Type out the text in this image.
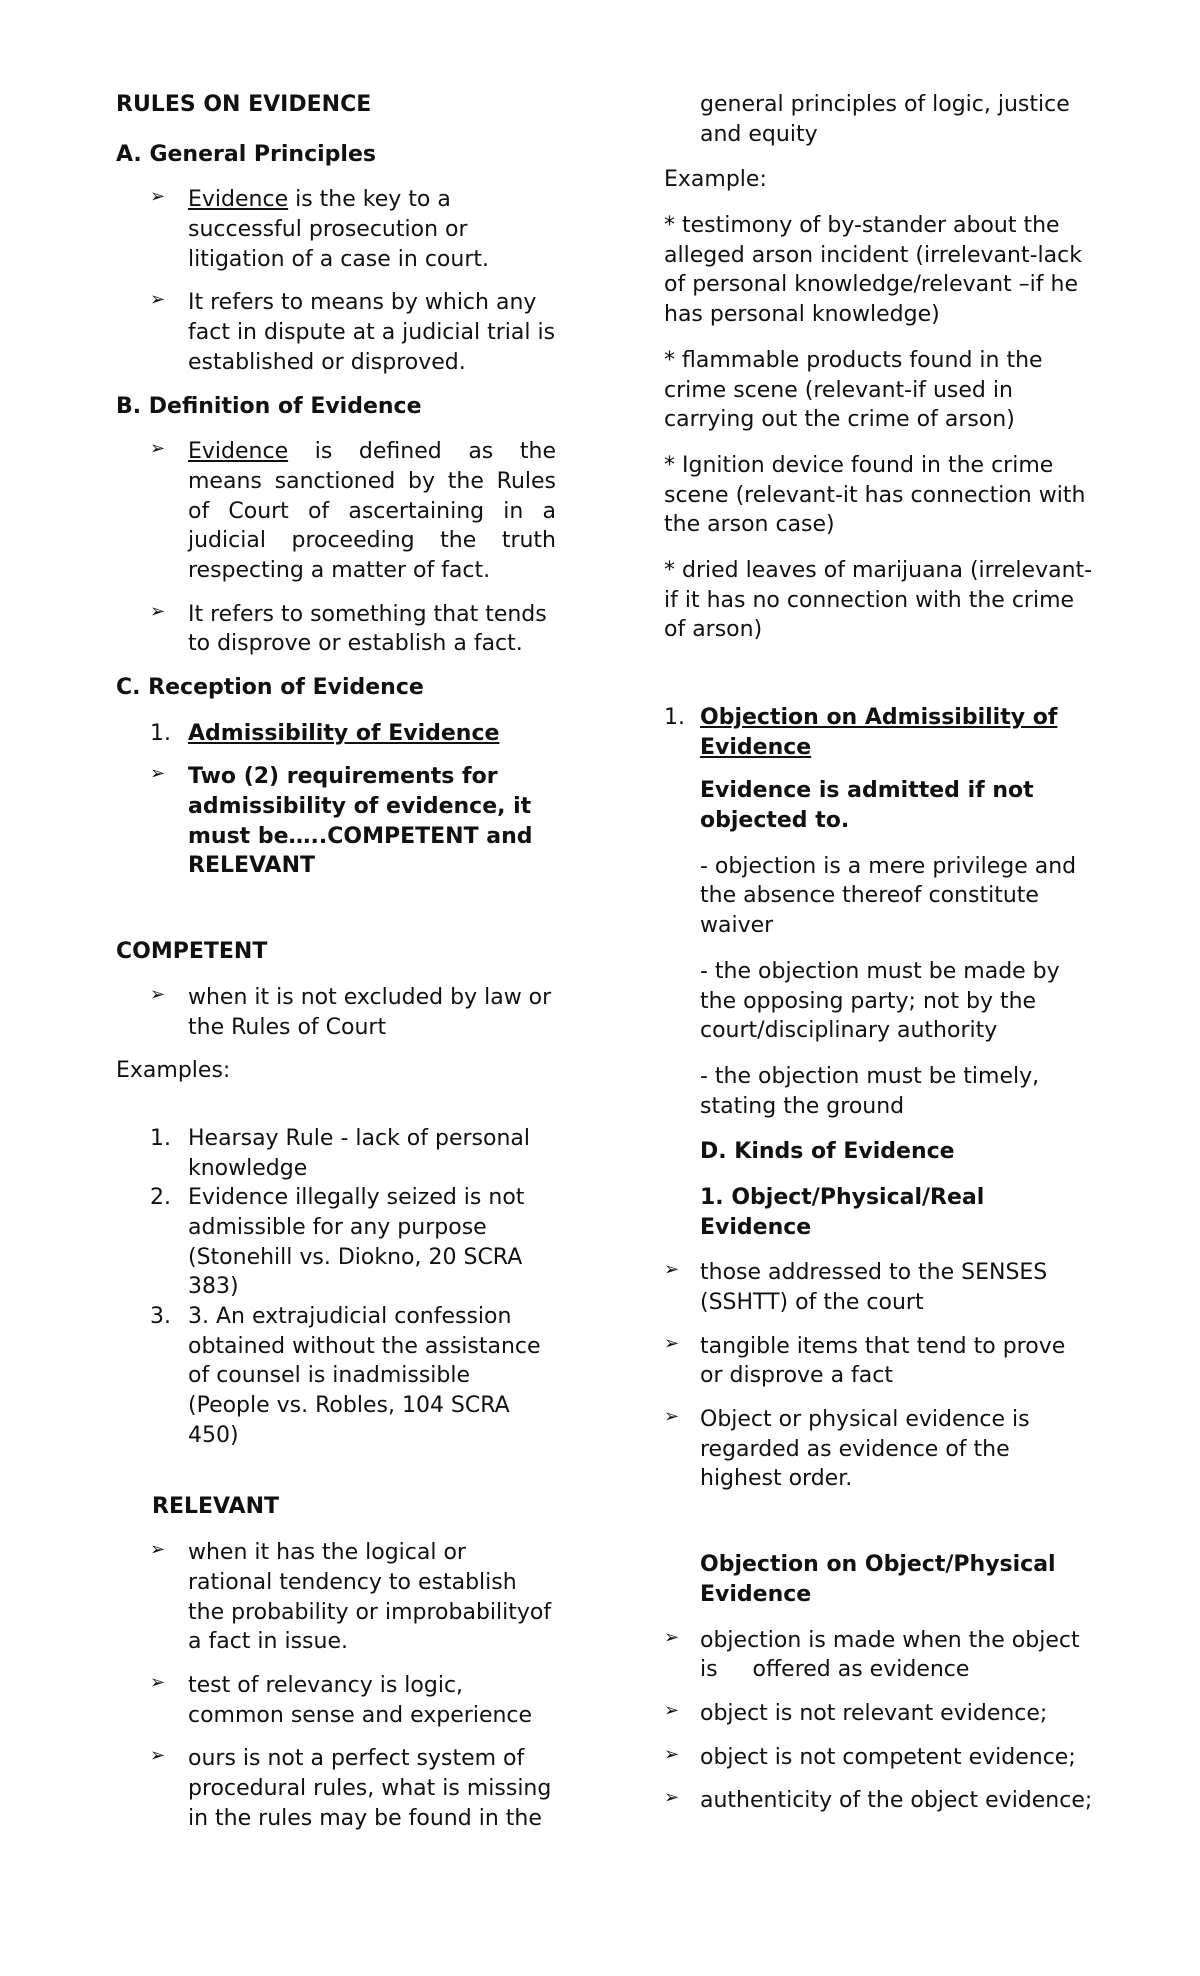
RULES ON EVIDENCE
A. General Principles
➢ Evidence is the key to a successful prosecution or litigation of a case in court.
➢ It refers to means by which any fact in dispute at a judicial trial is established or disproved.
B. Definition of Evidence
➢ Evidence is defined as the means sanctioned by the Rules of Court of ascertaining in a judicial proceeding the truth respecting a matter of fact.
➢ It refers to something that tends to disprove or establish a fact.
C. Reception of Evidence
1. Admissibility of Evidence
➢ Two (2) requirements for admissibility of evidence, it must be…..COMPETENT and RELEVANT
COMPETENT
➢ when it is not excluded by law or the Rules of Court
Examples:
1. Hearsay Rule - lack of personal knowledge
2. Evidence illegally seized is not admissible for any purpose (Stonehill vs. Diokno, 20 SCRA 383)
3. 3. An extrajudicial confession obtained without the assistance of counsel is inadmissible (People vs. Robles, 104 SCRA 450)
RELEVANT
➢ when it has the logical or rational tendency to establish the probability or improbabilityof a fact in issue.
➢ test of relevancy is logic, common sense and experience
➢ ours is not a perfect system of procedural rules, what is missing in the rules may be found in the
general principles of logic, justice and equity
Example:
* testimony of by-stander about the alleged arson incident (irrelevant-lack of personal knowledge/relevant –if he has personal knowledge)
* flammable products found in the crime scene (relevant-if used in carrying out the crime of arson)
* Ignition device found in the crime scene (relevant-it has connection with the arson case)
* dried leaves of marijuana (irrelevant-if it has no connection with the crime of arson)
1. Objection on Admissibility of Evidence
Evidence is admitted if not objected to.
- objection is a mere privilege and the absence thereof constitute waiver
- the objection must be made by the opposing party; not by the court/disciplinary authority
- the objection must be timely, stating the ground
D. Kinds of Evidence
1. Object/Physical/Real Evidence
➢ those addressed to the SENSES (SSHTT) of the court
➢ tangible items that tend to prove or disprove a fact
➢ Object or physical evidence is regarded as evidence of the highest order.
Objection on Object/Physical Evidence
➢ objection is made when the object is     offered as evidence
➢ object is not relevant evidence;
➢ object is not competent evidence;
➢ authenticity of the object evidence;
